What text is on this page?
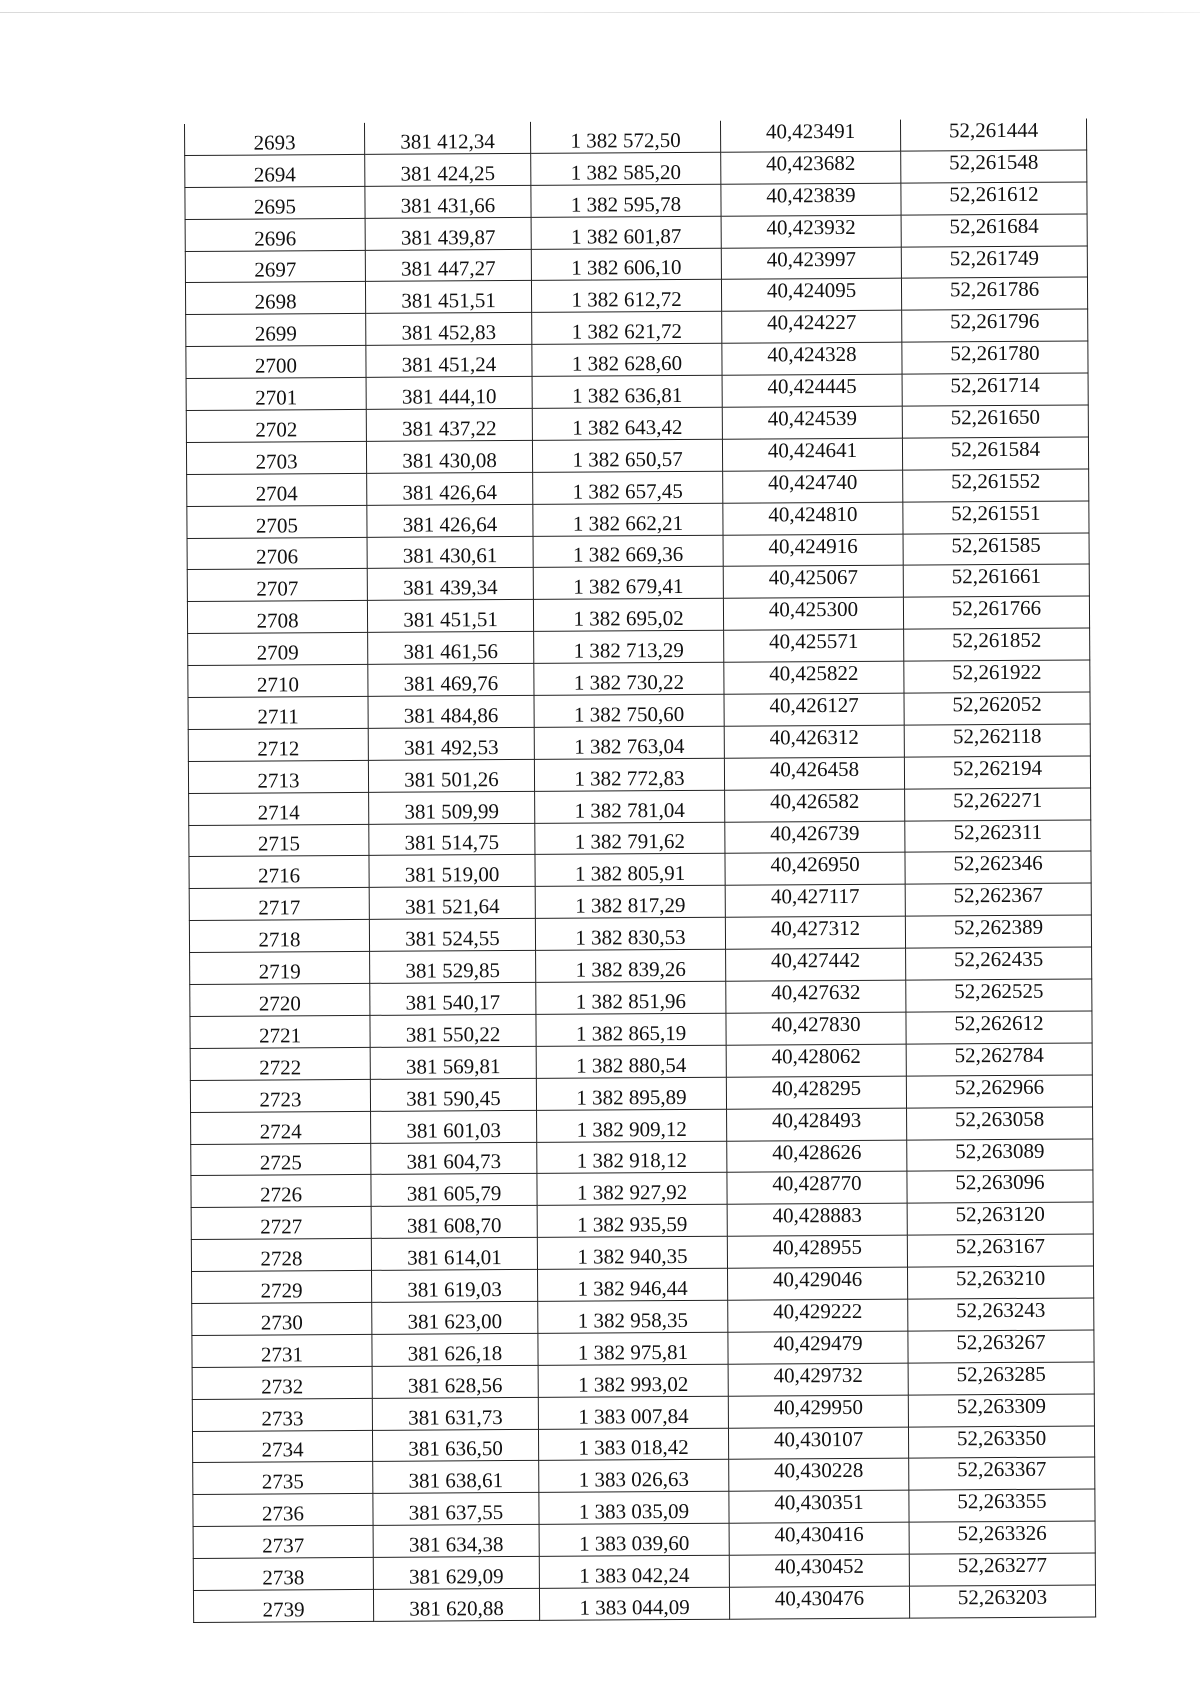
2693	381 412,34	1 382 572,50	40,423491	52,261444
2694	381 424,25	1 382 585,20	40,423682	52,261548
2695	381 431,66	1 382 595,78	40,423839	52,261612
2696	381 439,87	1 382 601,87	40,423932	52,261684
2697	381 447,27	1 382 606,10	40,423997	52,261749
2698	381 451,51	1 382 612,72	40,424095	52,261786
2699	381 452,83	1 382 621,72	40,424227	52,261796
2700	381 451,24	1 382 628,60	40,424328	52,261780
2701	381 444,10	1 382 636,81	40,424445	52,261714
2702	381 437,22	1 382 643,42	40,424539	52,261650
2703	381 430,08	1 382 650,57	40,424641	52,261584
2704	381 426,64	1 382 657,45	40,424740	52,261552
2705	381 426,64	1 382 662,21	40,424810	52,261551
2706	381 430,61	1 382 669,36	40,424916	52,261585
2707	381 439,34	1 382 679,41	40,425067	52,261661
2708	381 451,51	1 382 695,02	40,425300	52,261766
2709	381 461,56	1 382 713,29	40,425571	52,261852
2710	381 469,76	1 382 730,22	40,425822	52,261922
2711	381 484,86	1 382 750,60	40,426127	52,262052
2712	381 492,53	1 382 763,04	40,426312	52,262118
2713	381 501,26	1 382 772,83	40,426458	52,262194
2714	381 509,99	1 382 781,04	40,426582	52,262271
2715	381 514,75	1 382 791,62	40,426739	52,262311
2716	381 519,00	1 382 805,91	40,426950	52,262346
2717	381 521,64	1 382 817,29	40,427117	52,262367
2718	381 524,55	1 382 830,53	40,427312	52,262389
2719	381 529,85	1 382 839,26	40,427442	52,262435
2720	381 540,17	1 382 851,96	40,427632	52,262525
2721	381 550,22	1 382 865,19	40,427830	52,262612
2722	381 569,81	1 382 880,54	40,428062	52,262784
2723	381 590,45	1 382 895,89	40,428295	52,262966
2724	381 601,03	1 382 909,12	40,428493	52,263058
2725	381 604,73	1 382 918,12	40,428626	52,263089
2726	381 605,79	1 382 927,92	40,428770	52,263096
2727	381 608,70	1 382 935,59	40,428883	52,263120
2728	381 614,01	1 382 940,35	40,428955	52,263167
2729	381 619,03	1 382 946,44	40,429046	52,263210
2730	381 623,00	1 382 958,35	40,429222	52,263243
2731	381 626,18	1 382 975,81	40,429479	52,263267
2732	381 628,56	1 382 993,02	40,429732	52,263285
2733	381 631,73	1 383 007,84	40,429950	52,263309
2734	381 636,50	1 383 018,42	40,430107	52,263350
2735	381 638,61	1 383 026,63	40,430228	52,263367
2736	381 637,55	1 383 035,09	40,430351	52,263355
2737	381 634,38	1 383 039,60	40,430416	52,263326
2738	381 629,09	1 383 042,24	40,430452	52,263277
2739	381 620,88	1 383 044,09	40,430476	52,263203
